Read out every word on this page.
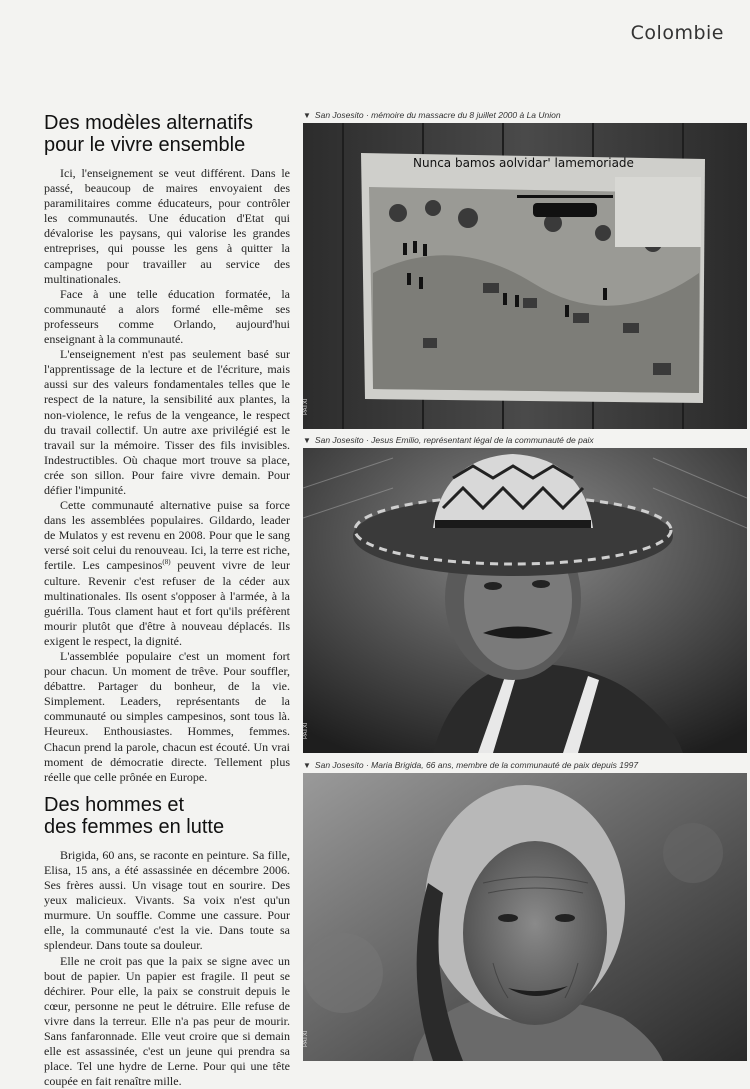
Colombie
Des modèles alternatifs
pour le vivre ensemble

Ici, l'enseignement se veut différent. Dans le passé, beaucoup de maires envoyaient des paramilitaires comme éducateurs, pour contrôler les communautés. Une éducation d'Etat qui dévalorise les paysans, qui valorise les grandes entreprises, qui pousse les gens à quitter la campagne pour travailler au service des multinationales.

Face à une telle éducation formatée, la communauté a alors formé elle-même ses professeurs comme Orlando, aujourd'hui enseignant à la communauté.

L'enseignement n'est pas seulement basé sur l'apprentissage de la lecture et de l'écriture, mais aussi sur des valeurs fondamentales telles que le respect de la nature, la sensibilité aux plantes, la non-violence, le refus de la vengeance, le respect du travail collectif. Un autre axe privilégié est le travail sur la mémoire. Tisser des fils invisibles. Indestructibles. Où chaque mort trouve sa place, crée son sillon. Pour faire vivre demain. Pour défier l'impunité.

Cette communauté alternative puise sa force dans les assemblées populaires. Gildardo, leader de Mulatos y est revenu en 2008. Pour que le sang versé soit celui du renouveau. Ici, la terre est riche, fertile. Les campesinos$^{(8)}$ peuvent vivre de leur culture. Revenir c'est refuser de la céder aux multinationales. Ils osent s'opposer à l'armée, à la guérilla. Tous clament haut et fort qu'ils préfèrent mourir plutôt que d'être à nouveau déplacés. Ils exigent le respect, la dignité.

L'assemblée populaire c'est un moment fort pour chacun. Un moment de trêve. Pour souffler, débattre. Partager du bonheur, de la vie. Simplement. Leaders, représentants de la communauté ou simples campesinos, sont tous là. Heureux. Enthousiastes. Hommes, femmes. Chacun prend la parole, chacun est écouté. Un vrai moment de démocratie directe. Tellement plus réelle que celle prônée en Europe.

Des hommes et
des femmes en lutte

Brigida, 60 ans, se raconte en peinture. Sa fille, Elisa, 15 ans, a été assassinée en décembre 2006. Ses frères aussi. Un visage tout en sourire. Des yeux malicieux. Vivants. Sa voix n'est qu'un murmure. Un souffle. Comme une cassure. Pour elle, la communauté c'est la vie. Dans toute sa splendeur. Dans toute sa douleur.

Elle ne croit pas que la paix se signe avec un bout de papier. Un papier est fragile. Il peut se déchirer. Pour elle, la paix se construit depuis le cœur, personne ne peut le détruire. Elle refuse de vivre dans la terreur. Elle n'a pas peur de mourir. Sans fanfaronnade. Elle veut croire que si demain elle est assassinée, c'est un jeune qui prendra sa place. Tel une hydre de Lerne. Pour qui une tête coupée en fait renaître mille.

▼ San Josesito · mémoire du massacre du 8 juillet 2000 à La Union
Nunca bamos aolvidar' lamemoriade
PATXI
▼ San Josesito · Jesus Emilio, représentant légal de la communauté de paix
PATXI
▼ San Josesito · Maria Brigida, 66 ans, membre de la communauté de paix depuis 1997
PATXI
